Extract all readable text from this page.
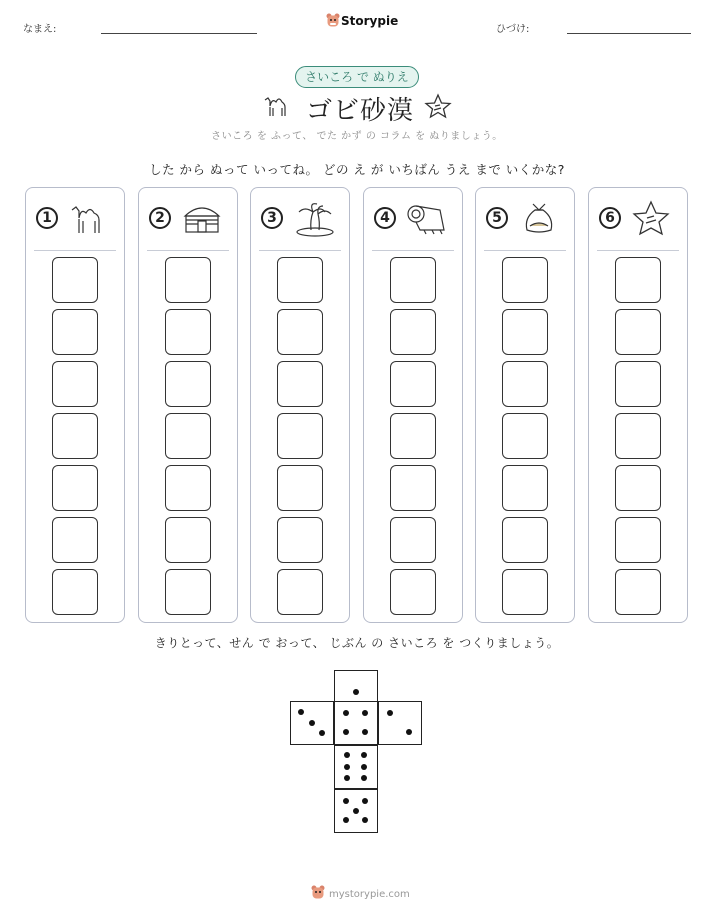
なまえ:
Storypie
ひづけ:
さいころ で ぬりえ
ゴビ砂漠
さいころ を ふって、 でた かず の コラム を ぬりましょう。
した から ぬって いってね。 どの え が いちばん うえ まで いくかな?
1	2	3	4	5	6
きりとって、せん で おって、 じぶん の さいころ を つくりましょう。
mystorypie.com
